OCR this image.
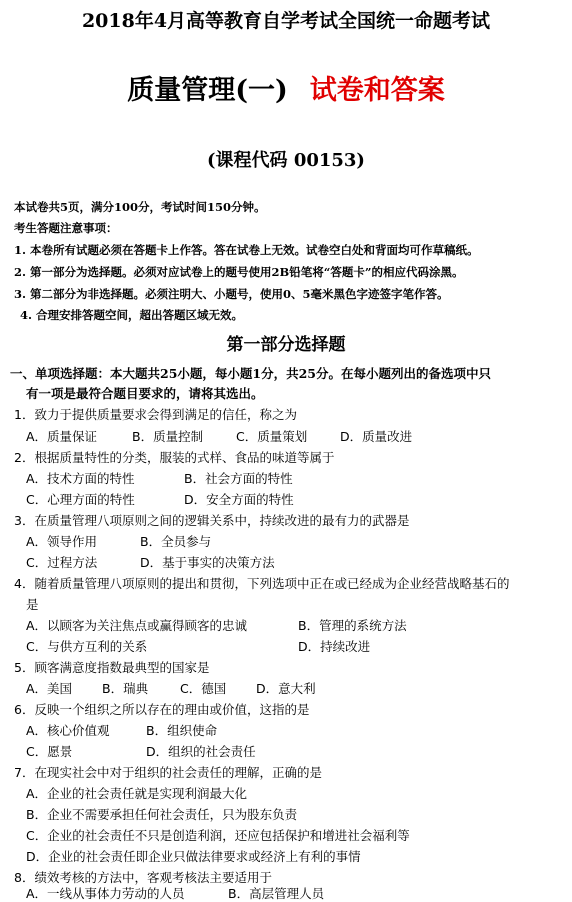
2018年4月高等教育自学考试全国统一命题考试
质量管理(一) 试卷和答案
(课程代码 00153)
本试卷共5页，满分100分，考试时间150分钟。
考生答题注意事项：
1. 本卷所有试题必须在答题卡上作答。答在试卷上无效。试卷空白处和背面均可作草稿纸。
2. 第一部分为选择题。必须对应试卷上的题号使用2B铅笔将“答题卡”的相应代码涂黑。
3. 第二部分为非选择题。必须注明大、小题号，使用0、5毫米黑色字迹签字笔作答。
4. 合理安排答题空间，超出答题区域无效。
第一部分选择题
一、单项选择题：本大题共25小题，每小题1分，共25分。在每小题列出的备选项中只
有一项是最符合题目要求的，请将其选出。
1．致力于提供质量要求会得到满足的信任，称之为
A．质量保证	B．质量控制	C．质量策划	D．质量改进
2．根据质量特性的分类，服装的式样、食品的味道等属于
A．技术方面的特性	B．社会方面的特性
C．心理方面的特性	D．安全方面的特性
3．在质量管理八项原则之间的逻辑关系中，持续改进的最有力的武器是
A．领导作用	B．全员参与
C．过程方法	D．基于事实的决策方法
4．随着质量管理八项原则的提出和贯彻，下列选项中正在或已经成为企业经营战略基石的
是
A．以顾客为关注焦点或赢得顾客的忠诚	B．管理的系统方法
C．与供方互利的关系	D．持续改进
5．顾客满意度指数最典型的国家是
A．美国 B．瑞典	C．德国 D．意大利
6．反映一个组织之所以存在的理由或价值，这指的是
A．核心价值观	B．组织使命
C．愿景	D．组织的社会责任
7．在现实社会中对于组织的社会责任的理解，正确的是
A．企业的社会责任就是实现利润最大化
B．企业不需要承担任何社会责任，只为股东负责
C．企业的社会责任不只是创造利润，还应包括保护和增进社会福利等
D．企业的社会责任即企业只做法律要求或经济上有利的事情
8．绩效考核的方法中，客观考核法主要适用于
A．一线从事体力劳动的人员	B．高层管理人员
